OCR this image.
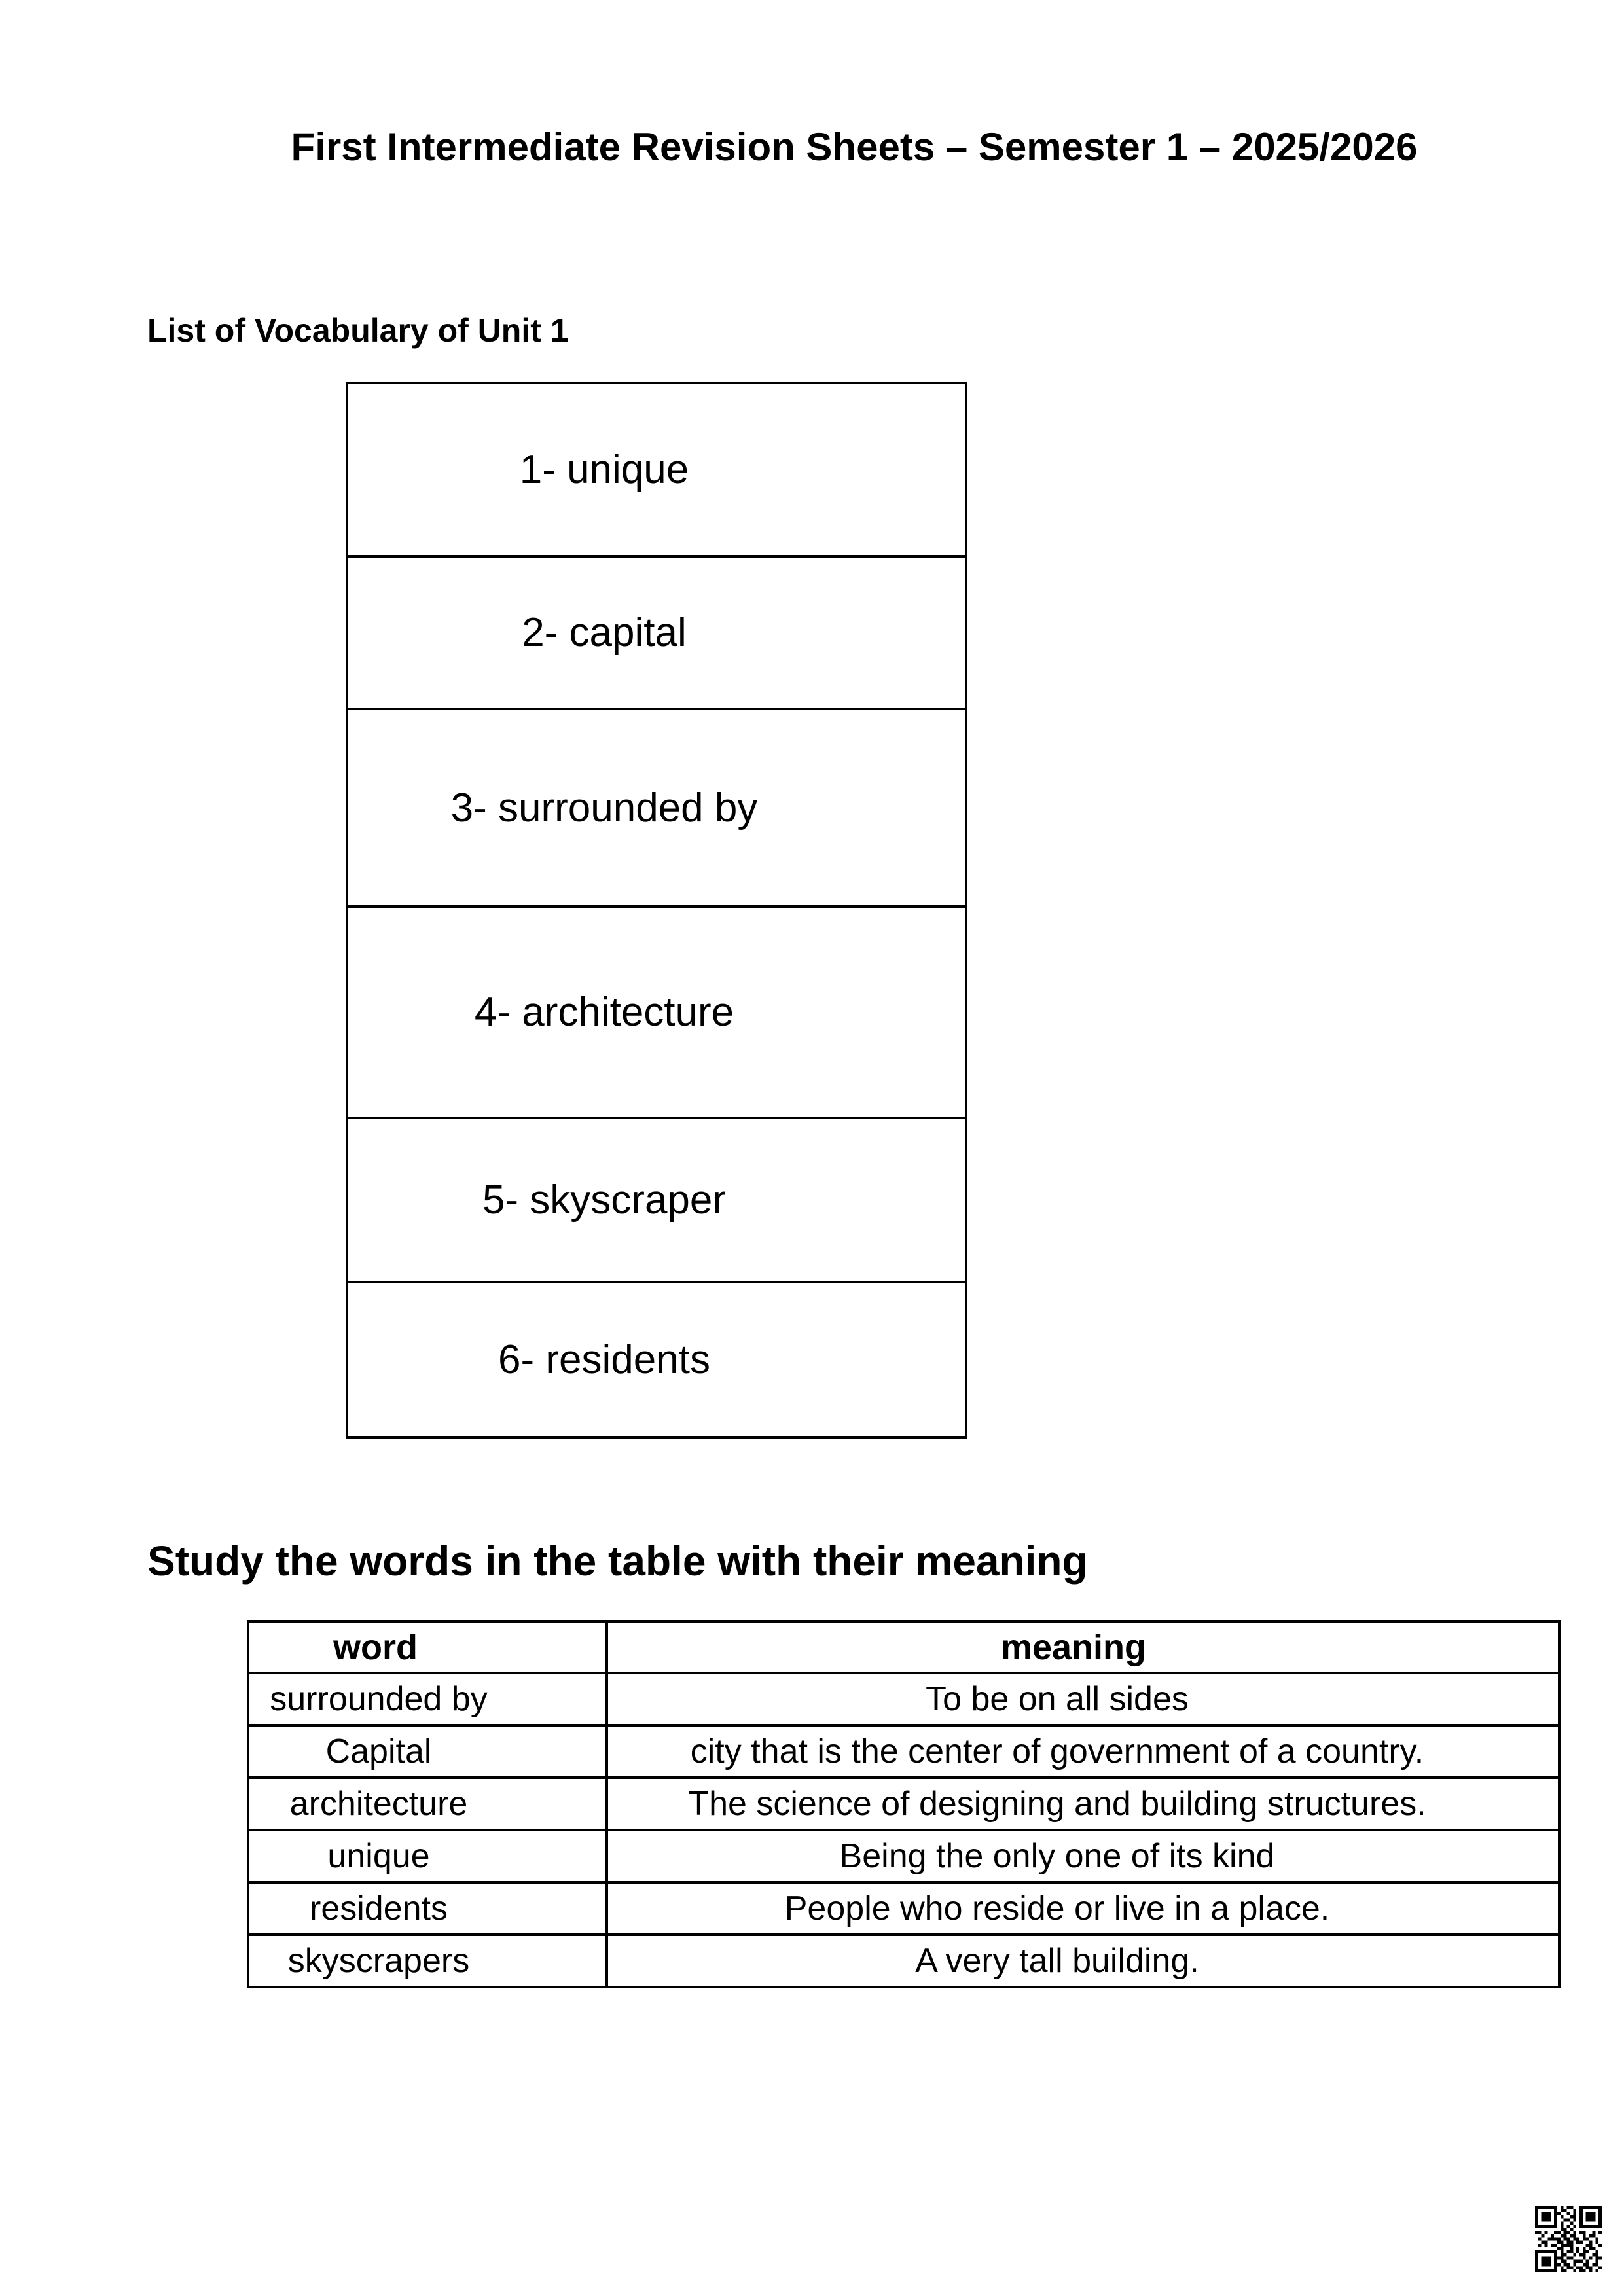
First Intermediate Revision Sheets – Semester 1 – 2025/2026
List of Vocabulary of Unit 1
1- unique
2- capital
3- surrounded by
4- architecture
5- skyscraper
6- residents
Study the words in the table with their meaning
word	meaning
surrounded by	To be on all sides
Capital	city that is the center of government of a country.
architecture	The science of designing and building structures.
unique	Being the only one of its kind
residents	People who reside or live in a place.
skyscrapers	A very tall building.
